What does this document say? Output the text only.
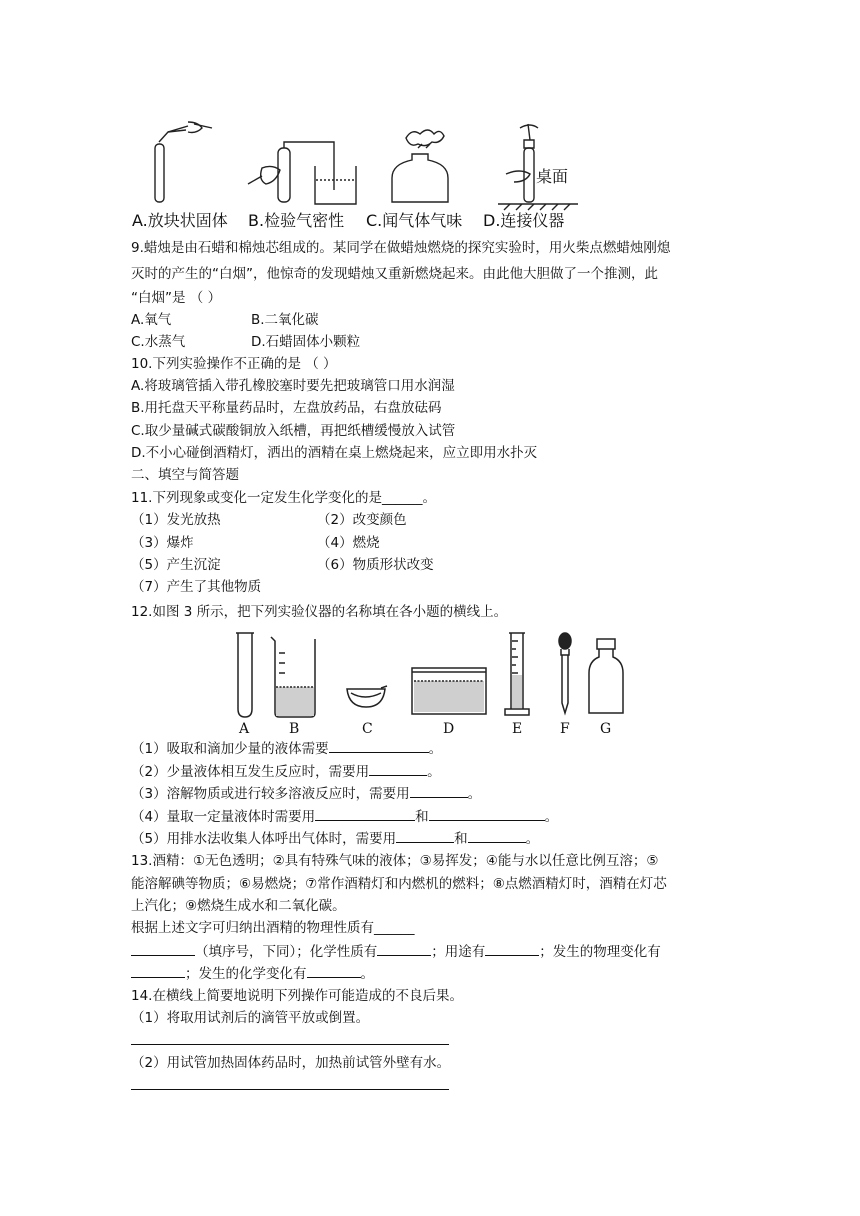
桌面
A.放块状固体 B.检验气密性 C.闻气体气味 D.连接仪器
9.蜡烛是由石蜡和棉烛芯组成的。某同学在做蜡烛燃烧的探究实验时，用火柴点燃蜡烛刚熄
灭时的产生的“白烟”，他惊奇的发现蜡烛又重新燃烧起来。由此他大胆做了一个推测，此
“白烟”是 （ ）
A.氧气	B.二氧化碳
C.水蒸气	D.石蜡固体小颗粒
10.下列实验操作不正确的是 （ ）
A.将玻璃管插入带孔橡胶塞时要先把玻璃管口用水润湿
B.用托盘天平称量药品时，左盘放药品，右盘放砝码
C.取少量碱式碳酸铜放入纸槽，再把纸槽缓慢放入试管
D.不小心碰倒酒精灯，洒出的酒精在桌上燃烧起来，应立即用水扑灭
二、填空与简答题
11.下列现象或变化一定发生化学变化的是______。
（1）发光放热	（2）改变颜色
（3）爆炸	（4）燃烧
（5）产生沉淀	（6）物质形状改变
（7）产生了其他物质
12.如图 3 所示，把下列实验仪器的名称填在各小题的横线上。
A	B	C	D	E	F G
（1）吸取和滴加少量的液体需要	。
（2）少量液体相互发生反应时，需要用	。
（3）溶解物质或进行较多溶液反应时，需要用	。
（4）量取一定量液体时需要用	和	。
（5）用排水法收集人体呼出气体时，需要用	和	。
13.酒精：①无色透明；②具有特殊气味的液体；③易挥发；④能与水以任意比例互溶；⑤
能溶解碘等物质；⑥易燃烧；⑦常作酒精灯和内燃机的燃料；⑧点燃酒精灯时，酒精在灯芯
上汽化；⑨燃烧生成水和二氧化碳。
根据上述文字可归纳出酒精的物理性质有______
（填序号，下同）；化学性质有	；用途有	；发生的物理变化有
；发生的化学变化有	。
14.在横线上简要地说明下列操作可能造成的不良后果。
（1）将取用试剂后的滴管平放或倒置。
（2）用试管加热固体药品时，加热前试管外壁有水。
